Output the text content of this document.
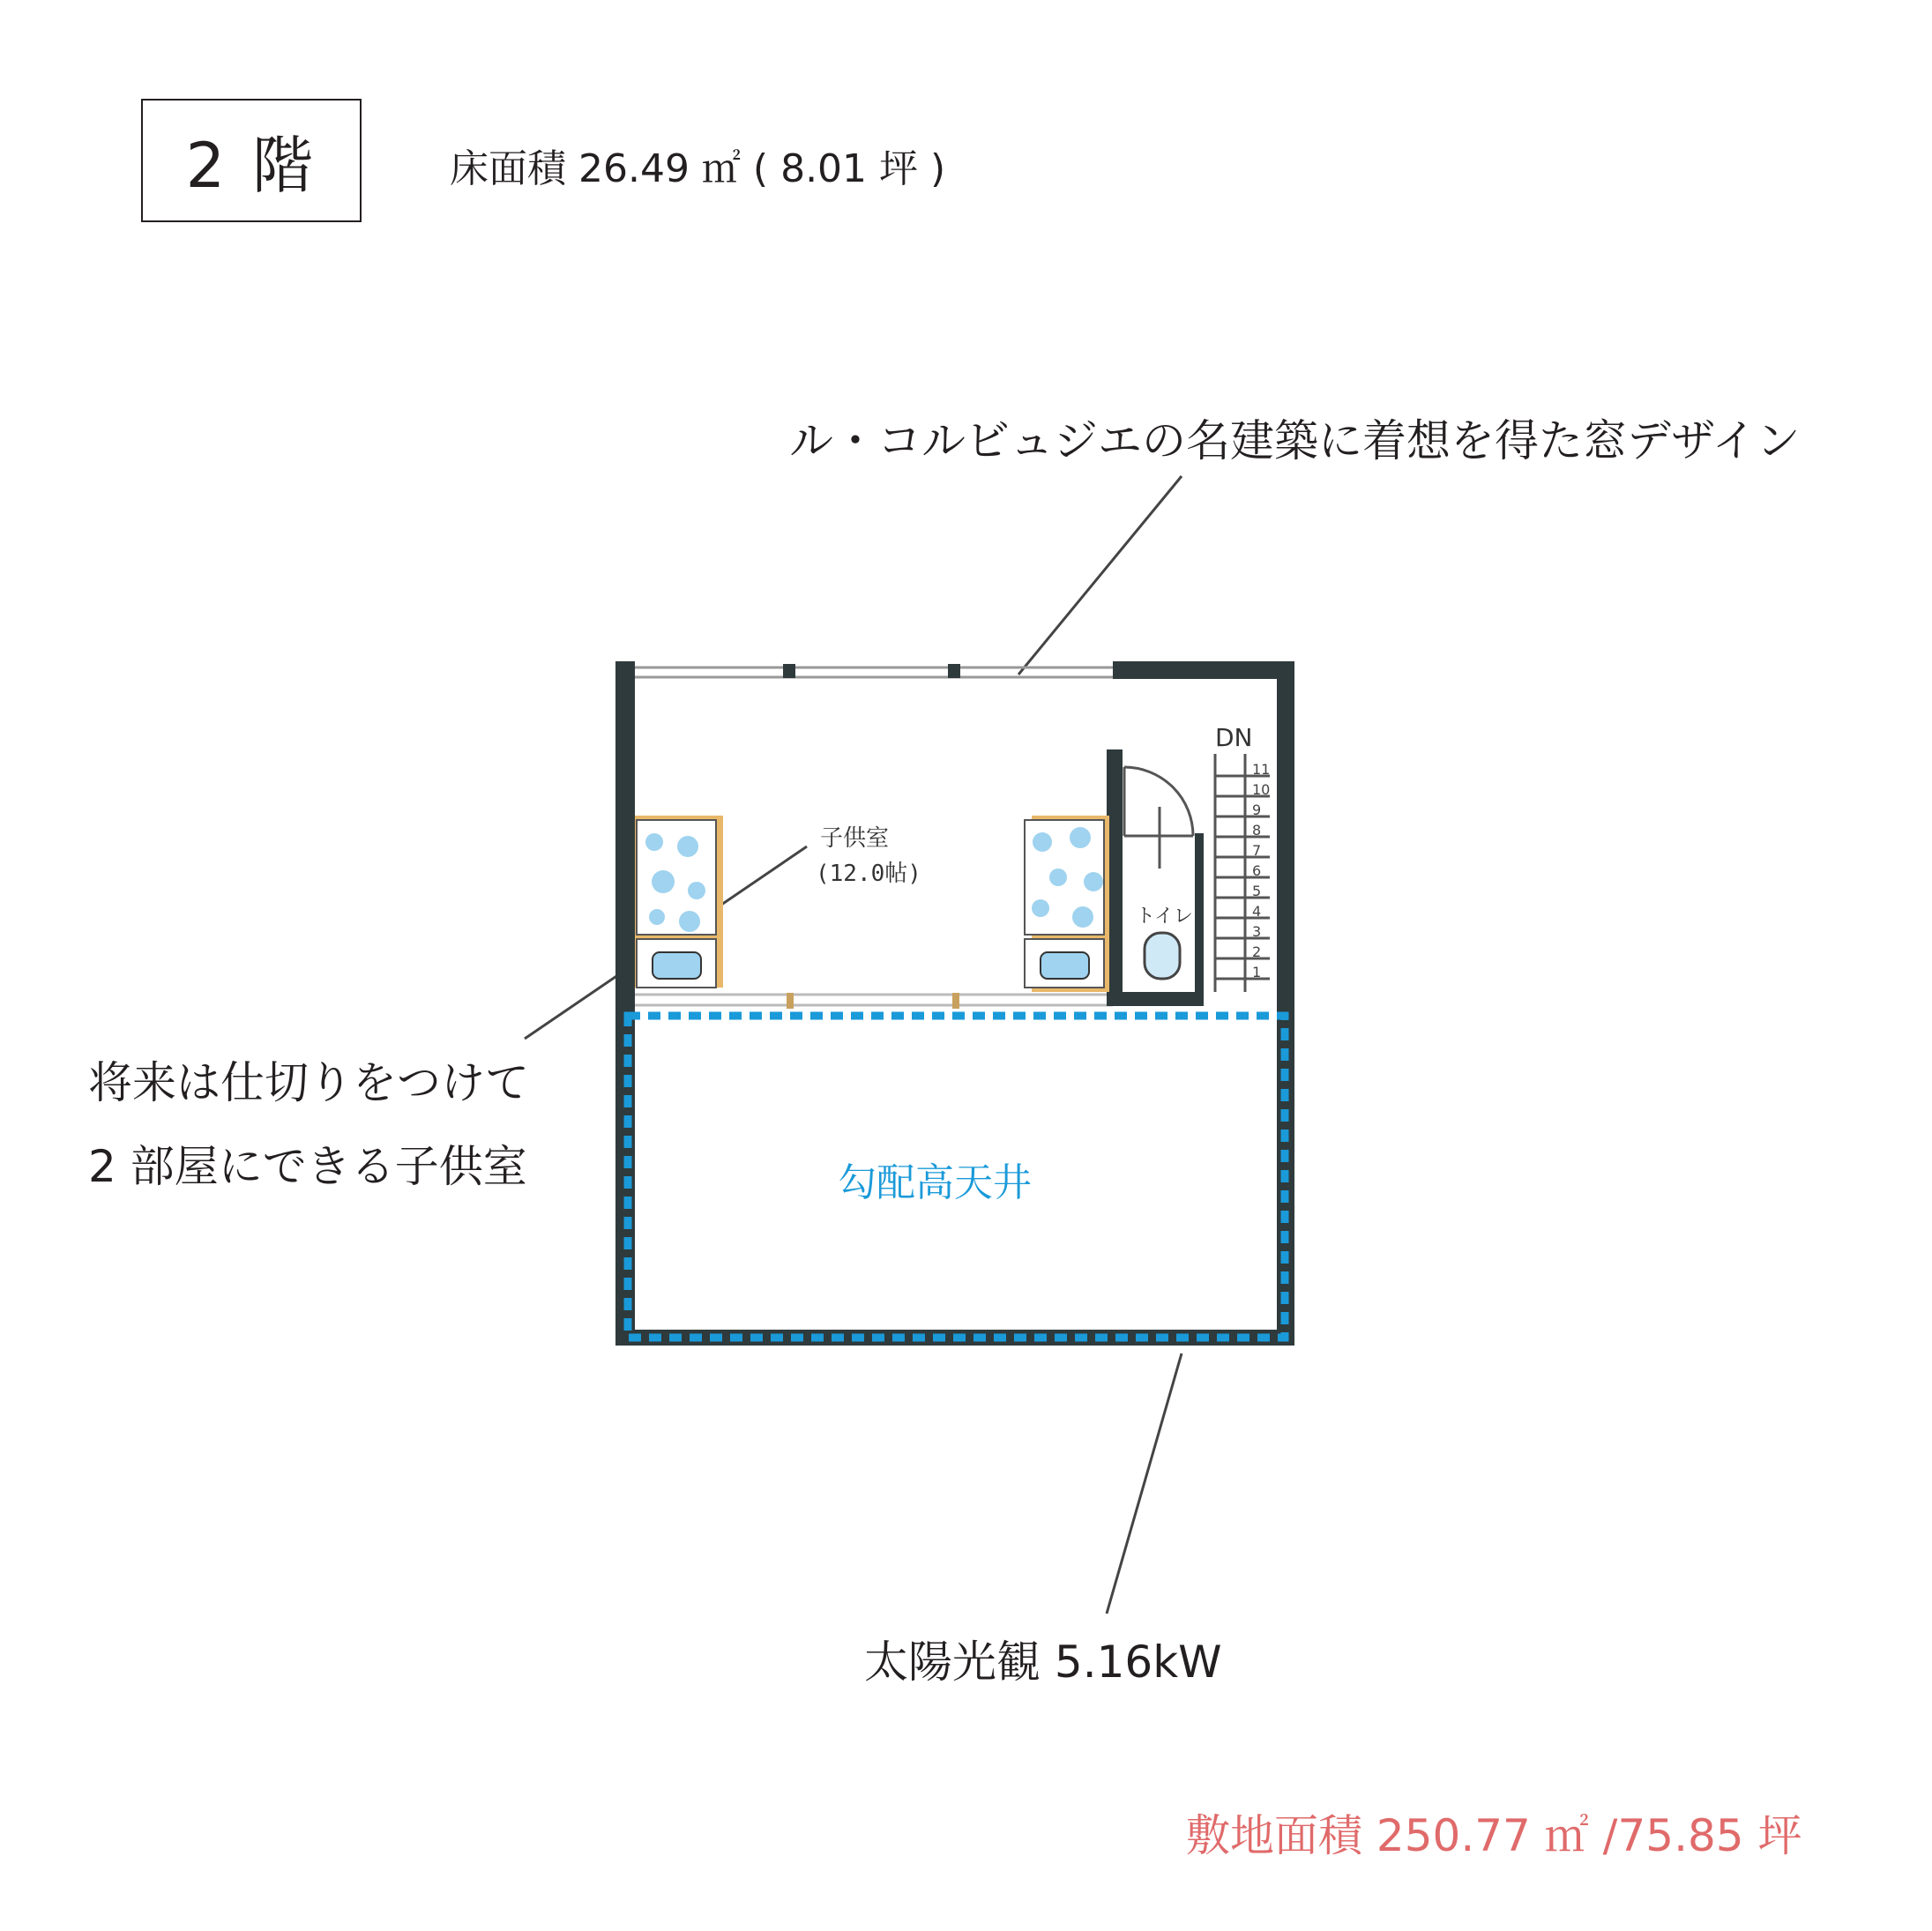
2 階	床面積 26.49 ㎡ ( 8.01 坪 )
11
10
9
8
7
6
5
4
3
2
1
子供室
(12.0帖)
トイレ
DN
ル・コルビュジエの名建築に着想を得た窓デザイン
将来は仕切りをつけて
2 部屋にできる子供室	勾配高天井
太陽光観 5.16kW
敷地面積 250.77 ㎡ /75.85 坪
